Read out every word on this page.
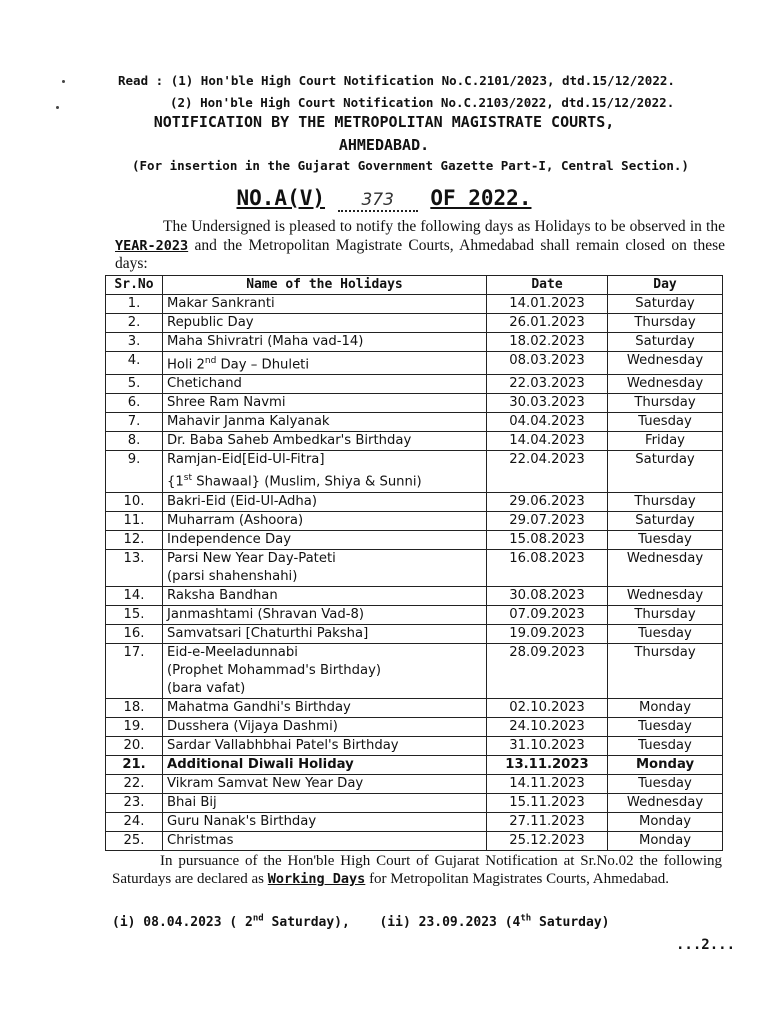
Read : (1) Hon'ble High Court Notification No.C.2101/2023, dtd.15/12/2022.
(2) Hon'ble High Court Notification No.C.2103/2022, dtd.15/12/2022.
NOTIFICATION BY THE METROPOLITAN MAGISTRATE COURTS,
AHMEDABAD.
(For insertion in the Gujarat Government Gazette Part-I, Central Section.)
NO.A(V) 373 OF 2022.

The Undersigned is pleased to notify the following days as Holidays to be observed in the YEAR-2023 and the Metropolitan Magistrate Courts, Ahmedabad shall remain closed on these days:

Sr.No	Name of the Holidays	Date	Day
1.	Makar Sankranti	14.01.2023	Saturday
2.	Republic Day	26.01.2023	Thursday
3.	Maha Shivratri (Maha vad-14)	18.02.2023	Saturday
4.	Holi 2nd Day – Dhuleti	08.03.2023	Wednesday
5.	Chetichand	22.03.2023	Wednesday
6.	Shree Ram Navmi	30.03.2023	Thursday
7.	Mahavir Janma Kalyanak	04.04.2023	Tuesday
8.	Dr. Baba Saheb Ambedkar's Birthday	14.04.2023	Friday
9.	Ramjan-Eid[Eid-Ul-Fitra]
{1st Shawaal} (Muslim, Shiya & Sunni)	22.04.2023	Saturday
10.	Bakri-Eid (Eid-Ul-Adha)	29.06.2023	Thursday
11.	Muharram (Ashoora)	29.07.2023	Saturday
12.	Independence Day	15.08.2023	Tuesday
13.	Parsi New Year Day-Pateti
(parsi shahenshahi)	16.08.2023	Wednesday
14.	Raksha Bandhan	30.08.2023	Wednesday
15.	Janmashtami (Shravan Vad-8)	07.09.2023	Thursday
16.	Samvatsari [Chaturthi Paksha]	19.09.2023	Tuesday
17.	Eid-e-Meeladunnabi
(Prophet Mohammad's Birthday)
(bara vafat)	28.09.2023	Thursday
18.	Mahatma Gandhi's Birthday	02.10.2023	Monday
19.	Dusshera (Vijaya Dashmi)	24.10.2023	Tuesday
20.	Sardar Vallabhbhai Patel's Birthday	31.10.2023	Tuesday
21.	Additional Diwali Holiday	13.11.2023	Monday
22.	Vikram Samvat New Year Day	14.11.2023	Tuesday
23.	Bhai Bij	15.11.2023	Wednesday
24.	Guru Nanak's Birthday	27.11.2023	Monday
25.	Christmas	25.12.2023	Monday

In pursuance of the Hon'ble High Court of Gujarat Notification at Sr.No.02 the following Saturdays are declared as Working Days for Metropolitan Magistrates Courts, Ahmedabad.

(i) 08.04.2023 ( 2nd Saturday), (ii) 23.09.2023 (4th Saturday)
...2...
